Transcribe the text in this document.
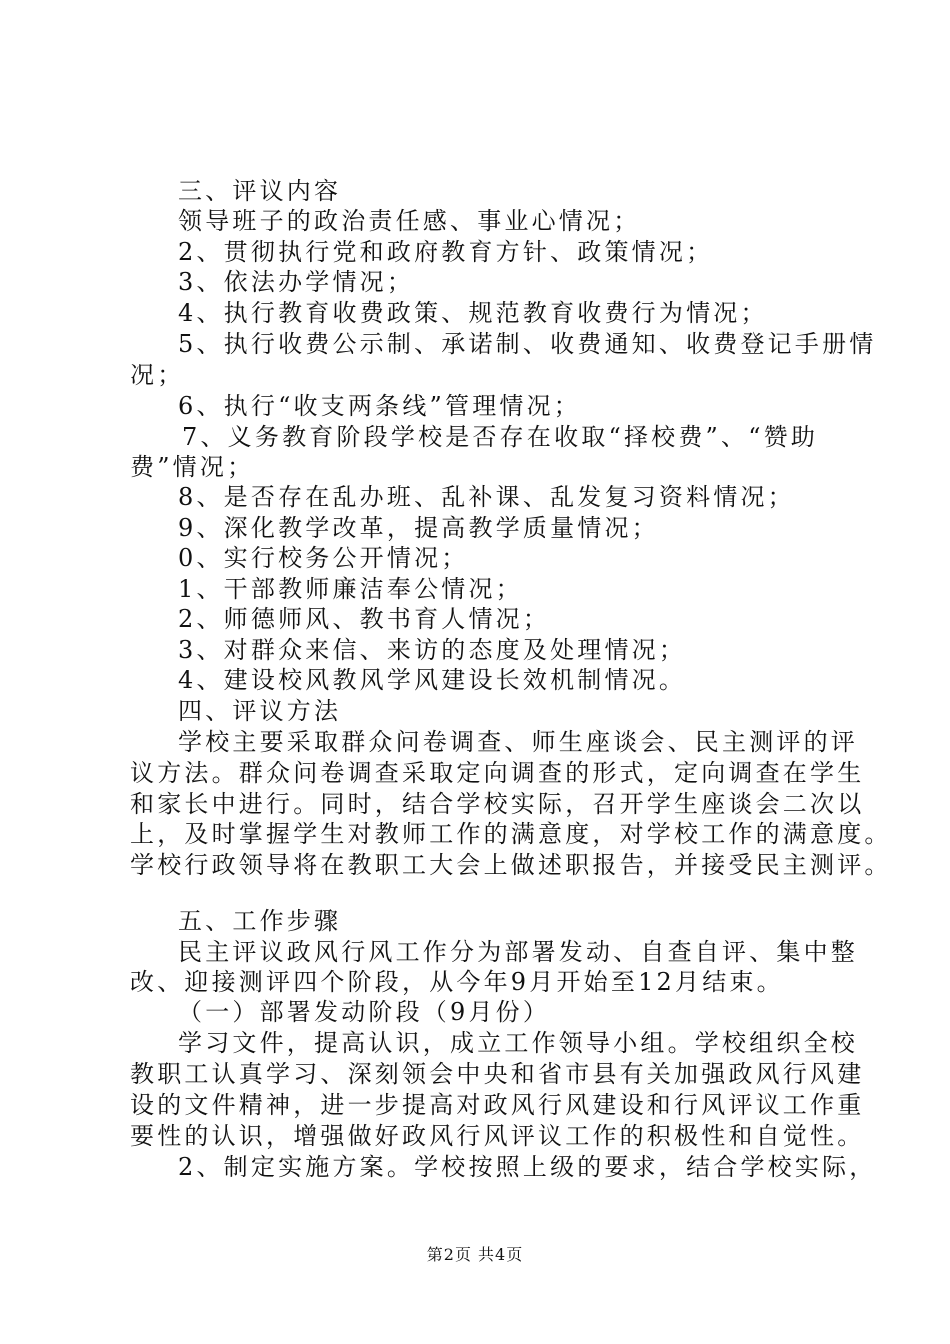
三、评议内容
领导班子的政治责任感、事业心情况；
2、贯彻执行党和政府教育方针、政策情况；
3、依法办学情况；
4、执行教育收费政策、规范教育收费行为情况；
5、执行收费公示制、承诺制、收费通知、收费登记手册情
况；
6、执行“收支两条线”管理情况；
7、义务教育阶段学校是否存在收取“择校费”、“赞助
费”情况；
8、是否存在乱办班、乱补课、乱发复习资料情况；
9、深化教学改革，提高教学质量情况；
0、实行校务公开情况；
1、干部教师廉洁奉公情况；
2、师德师风、教书育人情况；
3、对群众来信、来访的态度及处理情况；
4、建设校风教风学风建设长效机制情况。
四、评议方法
学校主要采取群众问卷调查、师生座谈会、民主测评的评
议方法。群众问卷调查采取定向调查的形式，定向调查在学生
和家长中进行。同时，结合学校实际，召开学生座谈会二次以
上，及时掌握学生对教师工作的满意度，对学校工作的满意度。
学校行政领导将在教职工大会上做述职报告，并接受民主测评。
五、工作步骤
民主评议政风行风工作分为部署发动、自查自评、集中整
改、迎接测评四个阶段，从今年9月开始至12月结束。
（一）部署发动阶段（9月份）
学习文件，提高认识，成立工作领导小组。学校组织全校
教职工认真学习、深刻领会中央和省市县有关加强政风行风建
设的文件精神，进一步提高对政风行风建设和行风评议工作重
要性的认识，增强做好政风行风评议工作的积极性和自觉性。
2、制定实施方案。学校按照上级的要求，结合学校实际，
第2页 共4页
